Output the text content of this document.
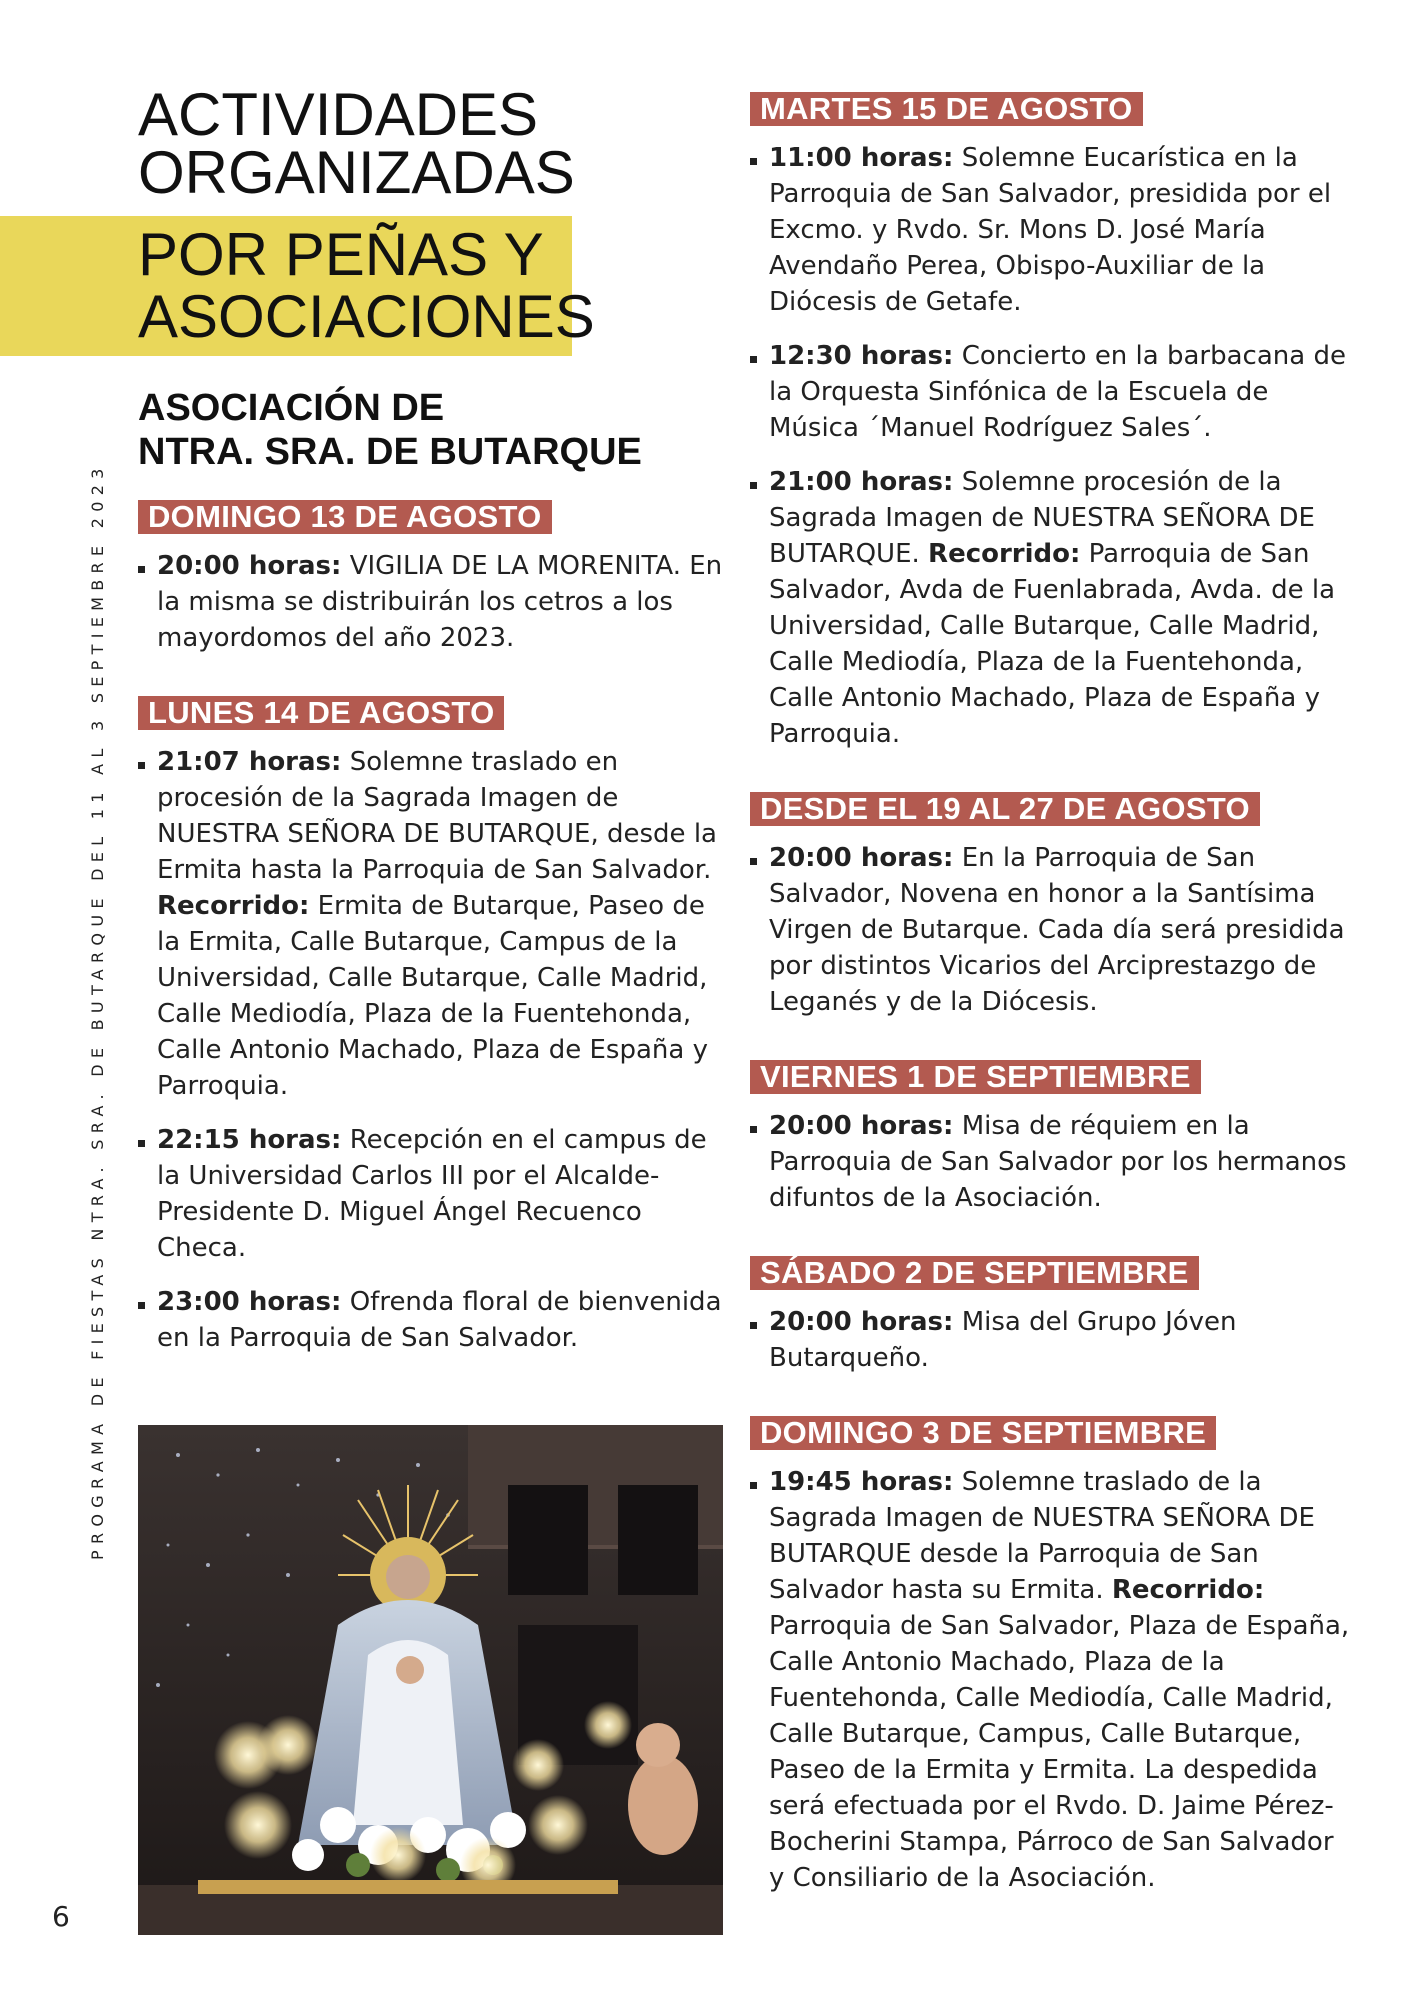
PROGRAMA DE FIESTAS NTRA. SRA. DE BUTARQUE DEL 11 AL 3 SEPTIEMBRE 2023
6
ACTIVIDADES
ORGANIZADAS
POR PEÑAS Y
ASOCIACIONES
ASOCIACIÓN DE
NTRA. SRA. DE BUTARQUE
DOMINGO 13 DE AGOSTO
20:00 horas: VIGILIA DE LA MORENITA. En la misma se distribuirán los cetros a los mayordomos del año 2023.
LUNES 14 DE AGOSTO
21:07 horas: Solemne traslado en procesión de la Sagrada Imagen de NUESTRA SEÑORA DE BUTARQUE, desde la Ermita hasta la Parroquia de San Salvador. Recorrido: Ermita de Butarque, Paseo de la Ermita, Calle Butarque, Campus de la Universidad, Calle Butarque, Calle Madrid, Calle Mediodía, Plaza de la Fuentehonda, Calle Antonio Machado, Plaza de España y Parroquia.
22:15 horas: Recepción en el campus de la Universidad Carlos III por el Alcalde-Presidente D. Miguel Ángel Recuenco Checa.
23:00 horas: Ofrenda floral de bienvenida en la Parroquia de San Salvador.
MARTES 15 DE AGOSTO
11:00 horas: Solemne Eucarística en la Parroquia de San Salvador, presidida por el Excmo. y Rvdo. Sr. Mons D. José María Avendaño Perea, Obispo-Auxiliar de la Diócesis de Getafe.
12:30 horas: Concierto en la barbacana de la Orquesta Sinfónica de la Escuela de Música ´Manuel Rodríguez Sales´.
21:00 horas: Solemne procesión de la Sagrada Imagen de NUESTRA SEÑORA DE BUTARQUE. Recorrido: Parroquia de San Salvador, Avda de Fuenlabrada, Avda. de la Universidad, Calle Butarque, Calle Madrid, Calle Mediodía, Plaza de la Fuentehonda, Calle Antonio Machado, Plaza de España y Parroquia.
DESDE EL 19 AL 27 DE AGOSTO
20:00 horas: En la Parroquia de San Salvador, Novena en honor a la Santísima Virgen de Butarque. Cada día será presidida por distintos Vicarios del Arciprestazgo de Leganés y de la Diócesis.
VIERNES 1 DE SEPTIEMBRE
20:00 horas: Misa de réquiem en la Parroquia de San Salvador por los hermanos difuntos de la Asociación.
SÁBADO 2 DE SEPTIEMBRE
20:00 horas: Misa del Grupo Jóven Butarqueño.
DOMINGO 3 DE SEPTIEMBRE
19:45 horas: Solemne traslado de la Sagrada Imagen de NUESTRA SEÑORA DE BUTARQUE desde la Parroquia de San Salvador hasta su Ermita. Recorrido: Parroquia de San Salvador, Plaza de España, Calle Antonio Machado, Plaza de la Fuentehonda, Calle Mediodía, Calle Madrid, Calle Butarque, Campus, Calle Butarque, Paseo de la Ermita y Ermita. La despedida será efectuada por el Rvdo. D. Jaime Pérez- Bocherini Stampa, Párroco de San Salvador y Consiliario de la Asociación.
